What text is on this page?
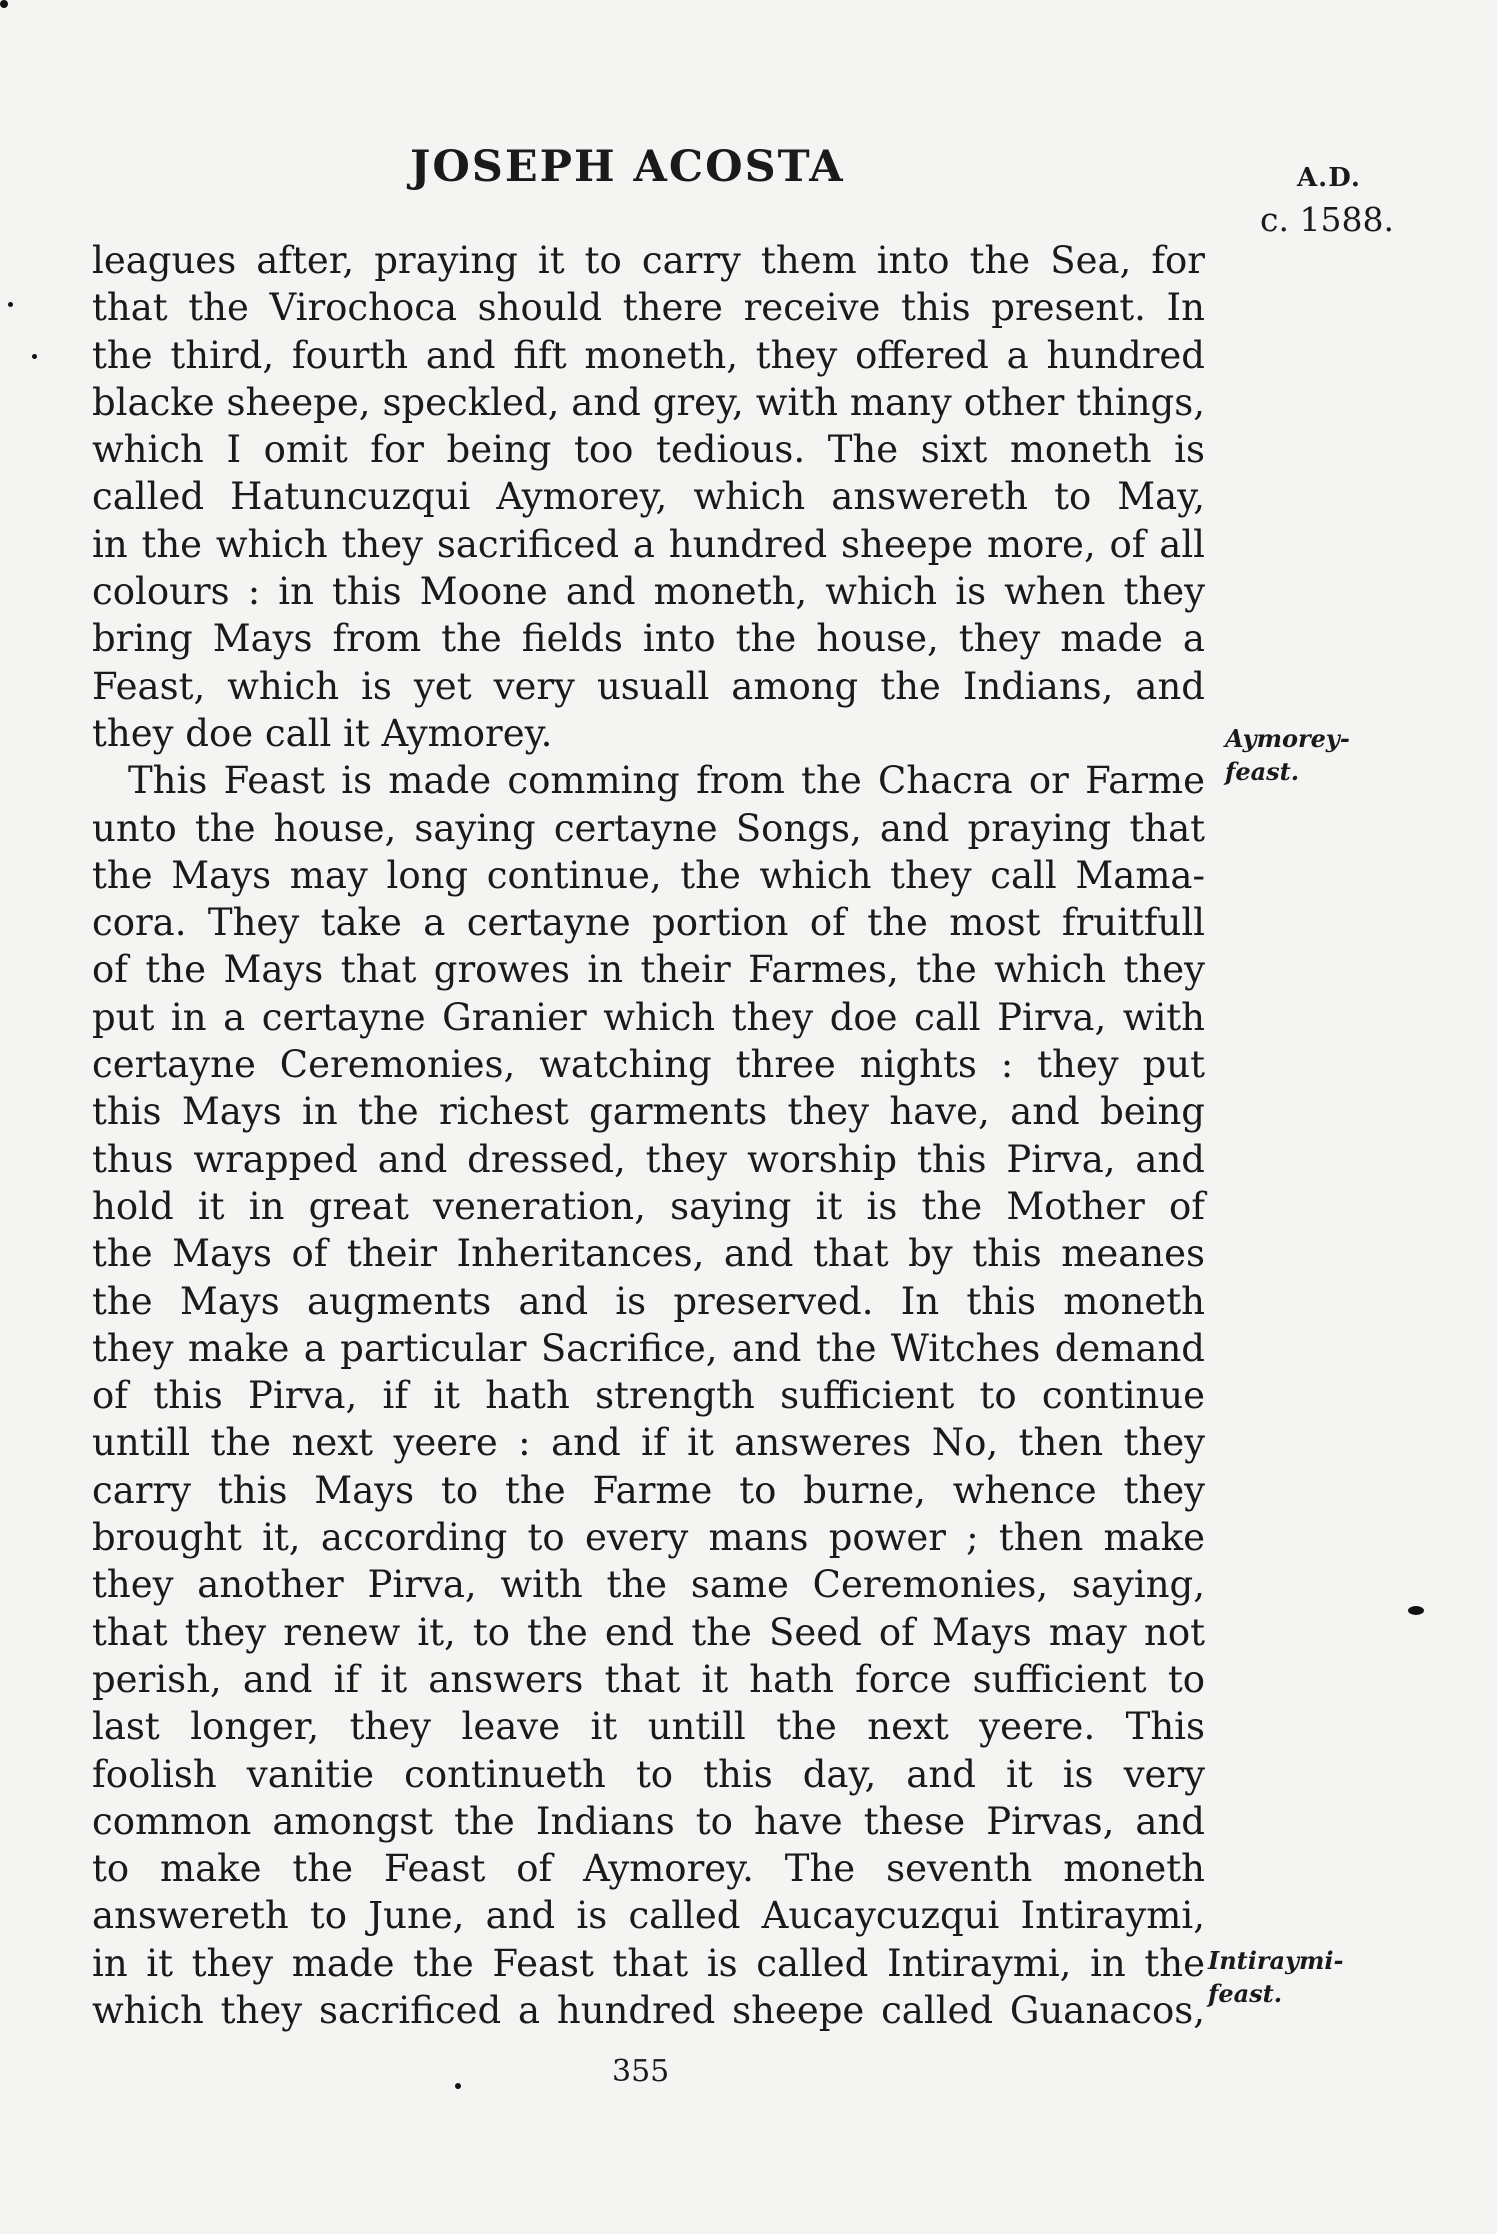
JOSEPH ACOSTA	A.D.
c. 1588.
leagues after, praying it to carry them into the Sea, for
that the Virochoca should there receive this present. In
the third, fourth and fift moneth, they offered a hundred
blacke sheepe, speckled, and grey, with many other things,
which I omit for being too tedious. The sixt moneth is
called Hatuncuzqui Aymorey, which answereth to May,
in the which they sacrificed a hundred sheepe more, of all
colours : in this Moone and moneth, which is when they
bring Mays from the fields into the house, they made a
Feast, which is yet very usuall among the Indians, and
they doe call it Aymorey.
This Feast is made comming from the Chacra or Farme
unto the house, saying certayne Songs, and praying that
the Mays may long continue, the which they call Mama-
cora. They take a certayne portion of the most fruitfull
of the Mays that growes in their Farmes, the which they
put in a certayne Granier which they doe call Pirva, with
certayne Ceremonies, watching three nights : they put
this Mays in the richest garments they have, and being
thus wrapped and dressed, they worship this Pirva, and
hold it in great veneration, saying it is the Mother of
the Mays of their Inheritances, and that by this meanes
the Mays augments and is preserved. In this moneth
they make a particular Sacrifice, and the Witches demand
of this Pirva, if it hath strength sufficient to continue
untill the next yeere : and if it answeres No, then they
carry this Mays to the Farme to burne, whence they
brought it, according to every mans power ; then make
they another Pirva, with the same Ceremonies, saying,
that they renew it, to the end the Seed of Mays may not
perish, and if it answers that it hath force sufficient to
last longer, they leave it untill the next yeere. This
foolish vanitie continueth to this day, and it is very
common amongst the Indians to have these Pirvas, and
to make the Feast of Aymorey. The seventh moneth
answereth to June, and is called Aucaycuzqui Intiraymi,
in it they made the Feast that is called Intiraymi, in the
which they sacrificed a hundred sheepe called Guanacos,
Aymorey-
feast.
Intiraymi-
feast.
355
